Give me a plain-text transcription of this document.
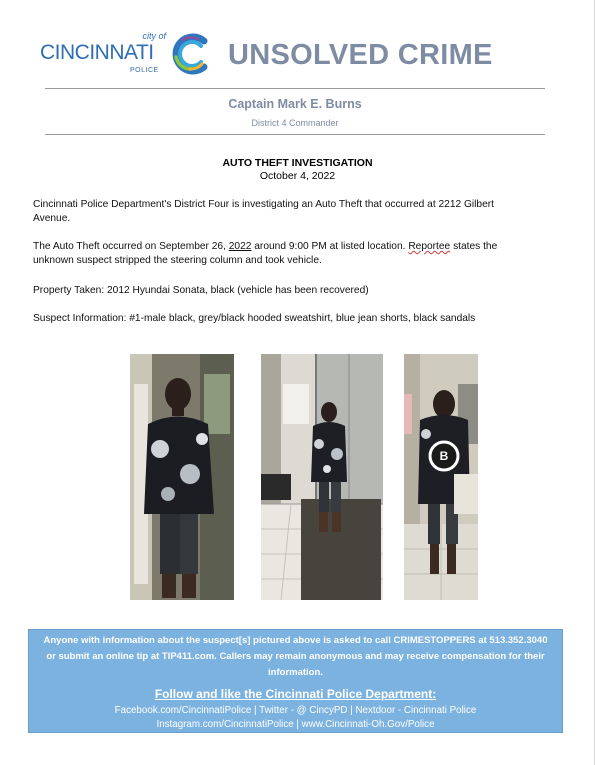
city of
CINCINNATI
POLICE UNSOLVED CRIME
Captain Mark E. Burns
District 4 Commander
AUTO THEFT INVESTIGATION
October 4, 2022
Cincinnati Police Department's District Four is investigating an Auto Theft that occurred at 2212 Gilbert Avenue.
The Auto Theft occurred on September 26, 2022 around 9:00 PM at listed location. Reportee states the unknown suspect stripped the steering column and took vehicle.
Property Taken: 2012 Hyundai Sonata, black (vehicle has been recovered)
Suspect Information: #1-male black, grey/black hooded sweatshirt, blue jean shorts, black sandals
B
Anyone with information about the suspect[s] pictured above is asked to call CRIMESTOPPERS at 513.352.3040 or submit an online tip at TIP411.com. Callers may remain anonymous and may receive compensation for their information.
Follow and like the Cincinnati Police Department:
Facebook.com/CincinnatiPolice | Twitter - @ CincyPD | Nextdoor - Cincinnati Police
Instagram.com/CincinnatiPolice | www.Cincinnati-Oh.Gov/Police
